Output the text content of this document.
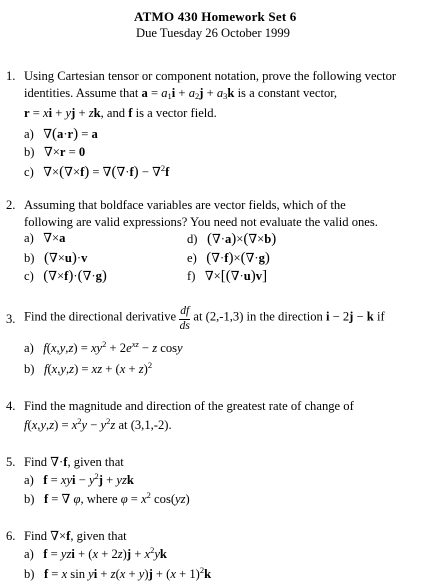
ATMO 430 Homework Set 6
Due Tuesday 26 October 1999
1. Using Cartesian tensor or component notation, prove the following vector
identities. Assume that $a = a_1i + a_2j + a_3k$ is a constant vector,
r = xi + yj + zk, and f is a vector field.
a) ∇(a·r) = a
b) ∇×r = 0
c) ∇×(∇×f) = ∇(∇·f) − ∇$^2$f
2. Assuming that boldface variables are vector fields, which of the
following are valid expressions? You need not evaluate the valid ones.
a) ∇×a
b) (∇×u)·v
c) (∇×f)·(∇·g)
d) (∇·a)×(∇×b)
e) (∇·f)×(∇·g)
f) ∇×[(∇·u)v]
3. Find the directional derivative $\frac{df}{ds}$ at (2,-1,3) in the direction i − 2j − k if
a) $f(x,y,z) = xy^2 + 2e^{xz} - z$ cosy
b) f(x,y,z) = xz + $(x + z)^2$
4. Find the magnitude and direction of the greatest rate of change of
$f(x,y,z) = x^2y - y^2z$ at (3,1,-2).
5. Find ∇·f, given that
a) f = xyi − $y^2j$ + yzk
b) f = ∇ φ, where $\varphi = x^2$ cos(yz)
6. Find ∇×f, given that
a) f = yzi + $(x + 2z)j + x^2yk$
b) f = x sin yi + $z(x + y)j + (x + 1)^2k$
